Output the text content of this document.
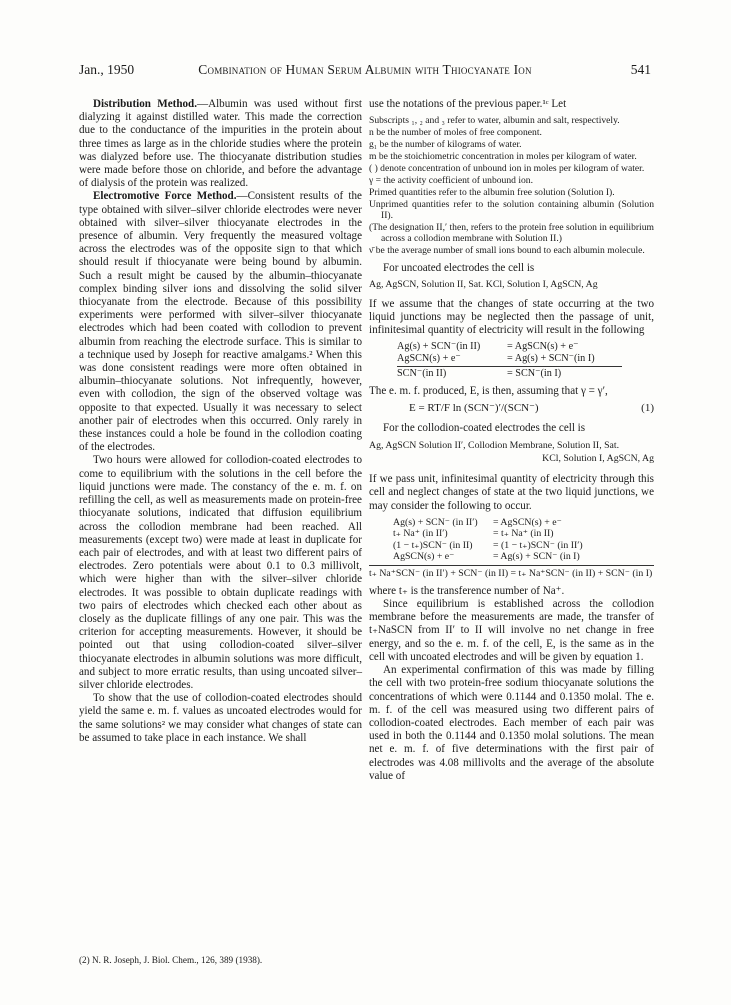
Jan., 1950	Combination of Human Serum Albumin with Thiocyanate Ion	541

Distribution Method.—Albumin was used without first dialyzing it against distilled water. This made the correction due to the conductance of the impurities in the protein about three times as large as in the chloride studies where the protein was dialyzed before use. The thiocyanate distribution studies were made before those on chloride, and before the advantage of dialysis of the protein was realized.

Electromotive Force Method.—Consistent results of the type obtained with silver–silver chloride electrodes were never obtained with silver–silver thiocyanate electrodes in the presence of albumin. Very frequently the measured voltage across the electrodes was of the opposite sign to that which should result if thiocyanate were being bound by albumin. Such a result might be caused by the albumin–thiocyanate complex binding silver ions and dissolving the solid silver thiocyanate from the electrode. Because of this possibility experiments were performed with silver–silver thiocyanate electrodes which had been coated with collodion to prevent albumin from reaching the electrode surface. This is similar to a technique used by Joseph for reactive amalgams.² When this was done consistent readings were more often obtained in albumin–thiocyanate solutions. Not infrequently, however, even with collodion, the sign of the observed voltage was opposite to that expected. Usually it was necessary to select another pair of electrodes when this occurred. Only rarely in these instances could a hole be found in the collodion coating of the electrodes.

Two hours were allowed for collodion-coated electrodes to come to equilibrium with the solutions in the cell before the liquid junctions were made. The constancy of the e. m. f. on refilling the cell, as well as measurements made on protein-free thiocyanate solutions, indicated that diffusion equilibrium across the collodion membrane had been reached. All measurements (except two) were made at least in duplicate for each pair of electrodes, and with at least two different pairs of electrodes. Zero potentials were about 0.1 to 0.3 millivolt, which were higher than with the silver–silver chloride electrodes. It was possible to obtain duplicate readings with two pairs of electrodes which checked each other about as closely as the duplicate fillings of any one pair. This was the criterion for accepting measurements. However, it should be pointed out that using collodion-coated silver–silver thiocyanate electrodes in albumin solutions was more difficult, and subject to more erratic results, than using uncoated silver–silver chloride electrodes.

To show that the use of collodion-coated electrodes should yield the same e. m. f. values as uncoated electrodes would for the same solutions² we may consider what changes of state can be assumed to take place in each instance. We shall

use the notations of the previous paper.¹ᶜ Let

Subscripts ₁, ₂ and ₃ refer to water, albumin and salt, respectively.
n be the number of moles of free component.
g₁ be the number of kilograms of water.
m be the stoichiometric concentration in moles per kilogram of water.
( ) denote concentration of unbound ion in moles per kilogram of water.
γ = the activity coefficient of unbound ion.
Primed quantities refer to the albumin free solution (Solution I).
Unprimed quantities refer to the solution containing albumin (Solution II).
(The designation II,′ then, refers to the protein free solution in equilibrium across a collodion membrane with Solution II.)
ν̄ be the average number of small ions bound to each albumin molecule.

For uncoated electrodes the cell is

Ag, AgSCN, Solution II, Sat. KCl, Solution I, AgSCN, Ag

If we assume that the changes of state occurring at the two liquid junctions may be neglected then the passage of unit, infinitesimal quantity of electricity will result in the following

Ag(s) + SCN⁻(in II)	= AgSCN(s) + e⁻
AgSCN(s) + e⁻	= Ag(s) + SCN⁻(in I)
SCN⁻(in II)	= SCN⁻(in I)

The e. m. f. produced, E, is then, assuming that γ = γ′,

E = RT/F ln (SCN⁻)′/(SCN⁻)	(1)

For the collodion-coated electrodes the cell is

Ag, AgSCN Solution II′, Collodion Membrane, Solution II, Sat.
KCl, Solution I, AgSCN, Ag

If we pass unit, infinitesimal quantity of electricity through this cell and neglect changes of state at the two liquid junctions, we may consider the following to occur.

Ag(s) + SCN⁻ (in II′)	= AgSCN(s) + e⁻
t₊ Na⁺ (in II′)	= t₊ Na⁺ (in II)
(1 − t₊)SCN⁻ (in II)	= (1 − t₊)SCN⁻ (in II′)
AgSCN(s) + e⁻	= Ag(s) + SCN⁻ (in I)
t₊ Na⁺SCN⁻ (in II′) + SCN⁻ (in II) = t₊ Na⁺SCN⁻ (in II) + SCN⁻ (in I)

where t₊ is the transference number of Na⁺.

Since equilibrium is established across the collodion membrane before the measurements are made, the transfer of t₊NaSCN from II′ to II will involve no net change in free energy, and so the e. m. f. of the cell, E, is the same as in the cell with uncoated electrodes and will be given by equation 1.

An experimental confirmation of this was made by filling the cell with two protein-free sodium thiocyanate solutions the concentrations of which were 0.1144 and 0.1350 molal. The e. m. f. of the cell was measured using two different pairs of collodion-coated electrodes. Each member of each pair was used in both the 0.1144 and 0.1350 molal solutions. The mean net e. m. f. of five determinations with the first pair of electrodes was 4.08 millivolts and the average of the absolute value of

(2) N. R. Joseph, J. Biol. Chem., 126, 389 (1938).
